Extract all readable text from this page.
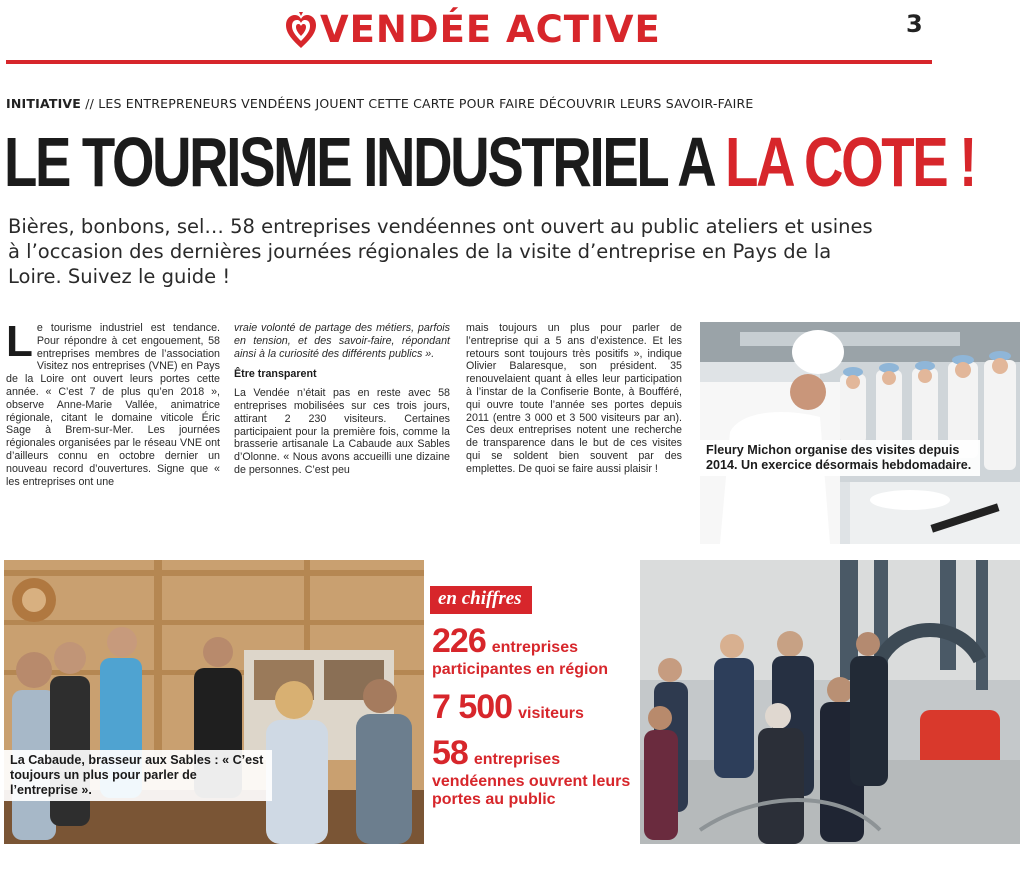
VENDÉE ACTIVE	3
INITIATIVE // LES ENTREPRENEURS VENDÉENS JOUENT CETTE CARTE POUR FAIRE DÉCOUVRIR LEURS SAVOIR-FAIRE
LE TOURISME INDUSTRIEL A LA COTE !
Bières, bonbons, sel… 58 entreprises vendéennes ont ouvert au public ateliers et usines à l’occasion des dernières journées régionales de la visite d’entreprise en Pays de la Loire. Suivez le guide !
L e tourisme industriel est tendance. Pour répondre à cet engouement, 58 entreprises membres de l’association Visitez nos entreprises (VNE) en Pays de la Loire ont ouvert leurs portes cette année. « C’est 7 de plus qu’en 2018 », observe Anne-Marie Vallée, animatrice régionale, citant le domaine viticole Éric Sage à Brem-sur-Mer. Les journées régionales organisées par le réseau VNE ont d’ailleurs connu en octobre dernier un nouveau record d’ouvertures. Signe que « les entreprises ont une

vraie volonté de partage des métiers, parfois en tension, et des savoir-faire, répondant ainsi à la curiosité des différents publics ».

Être transparent

La Vendée n’était pas en reste avec 58 entreprises mobilisées sur ces trois jours, attirant 2 230 visiteurs. Certaines participaient pour la première fois, comme la brasserie artisanale La Cabaude aux Sables d’Olonne. « Nous avons accueilli une dizaine de personnes. C’est peu

mais toujours un plus pour parler de l’entreprise qui a 5 ans d’existence. Et les retours sont toujours très positifs », indique Olivier Balaresque, son président. 35 renouvelaient quant à elles leur participation à l’instar de la Confiserie Bonte, à Boufféré, qui ouvre toute l’année ses portes depuis 2011 (entre 3 000 et 3 500 visiteurs par an). Ces deux entreprises notent une recherche de transparence dans le but de ces visites qui se soldent bien souvent par des emplettes. De quoi se faire aussi plaisir !

Fleury Michon organise des visites depuis 2014. Un exercice désormais hebdomadaire.
La Cabaude, brasseur aux Sables : « C’est toujours un plus pour parler de l’entreprise ».
en chiffres
226 entreprises
participantes en région
7 500 visiteurs
58 entreprises
vendéennes ouvrent leurs portes au public
